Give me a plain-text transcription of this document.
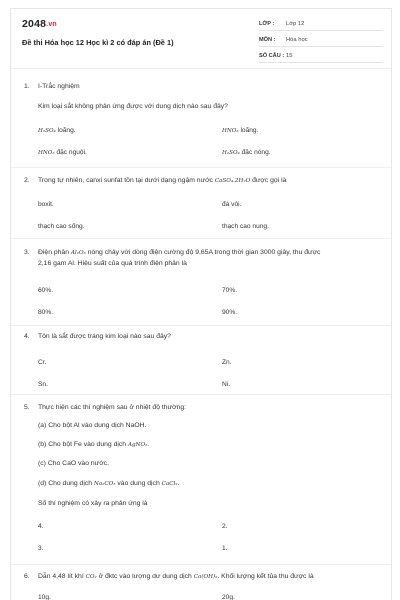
2048.vn
Đề thi Hóa học 12 Học kì 2 có đáp án (Đề 1)
LỚP : Lớp 12
MÔN : Hóa học
SỐ CÂU : 15
1. I-Trắc nghiệm
Kim loại sắt không phản ứng được với dung dịch nào sau đây?
H₂SO₄ loãng.	HNO₃ loãng.
HNO₃ đặc nguội.	H₂SO₄ đặc nóng.
2. Trong tự nhiên, canxi sunfat tồn tại dưới dạng ngậm nước CaSO₄.2H₂O được gọi là
boxit.	đá vôi.
thạch cao sống.	thạch cao nung.
3. Điện phân Al₂O₃ nóng chảy với dòng điện cường độ 9,65A trong thời gian 3000 giây, thu được
2,16 gam Al. Hiệu suất của quá trình điện phân là
60%.	70%.
80%.	90%.
4. Tôn là sắt được tráng kim loại nào sau đây?
Cr.	Zn.
Sn.	Ni.
5. Thực hiện các thí nghiệm sau ở nhiệt độ thường:
(a) Cho bột Al vào dung dịch NaOH.
(b) Cho bột Fe vào dung dịch AgNO₃.
(c) Cho CaO vào nước.
(d) Cho dung dịch Na₂CO₃ vào dung dịch CaCl₂.
Số thí nghiệm có xảy ra phản ứng là
4.	2.
3.	1.
6. Dẫn 4,48 lít khí CO₂ ở đktc vào lượng dư dung dịch Ca(OH)₂. Khối lượng kết tủa thu được là
10g.	20g.
